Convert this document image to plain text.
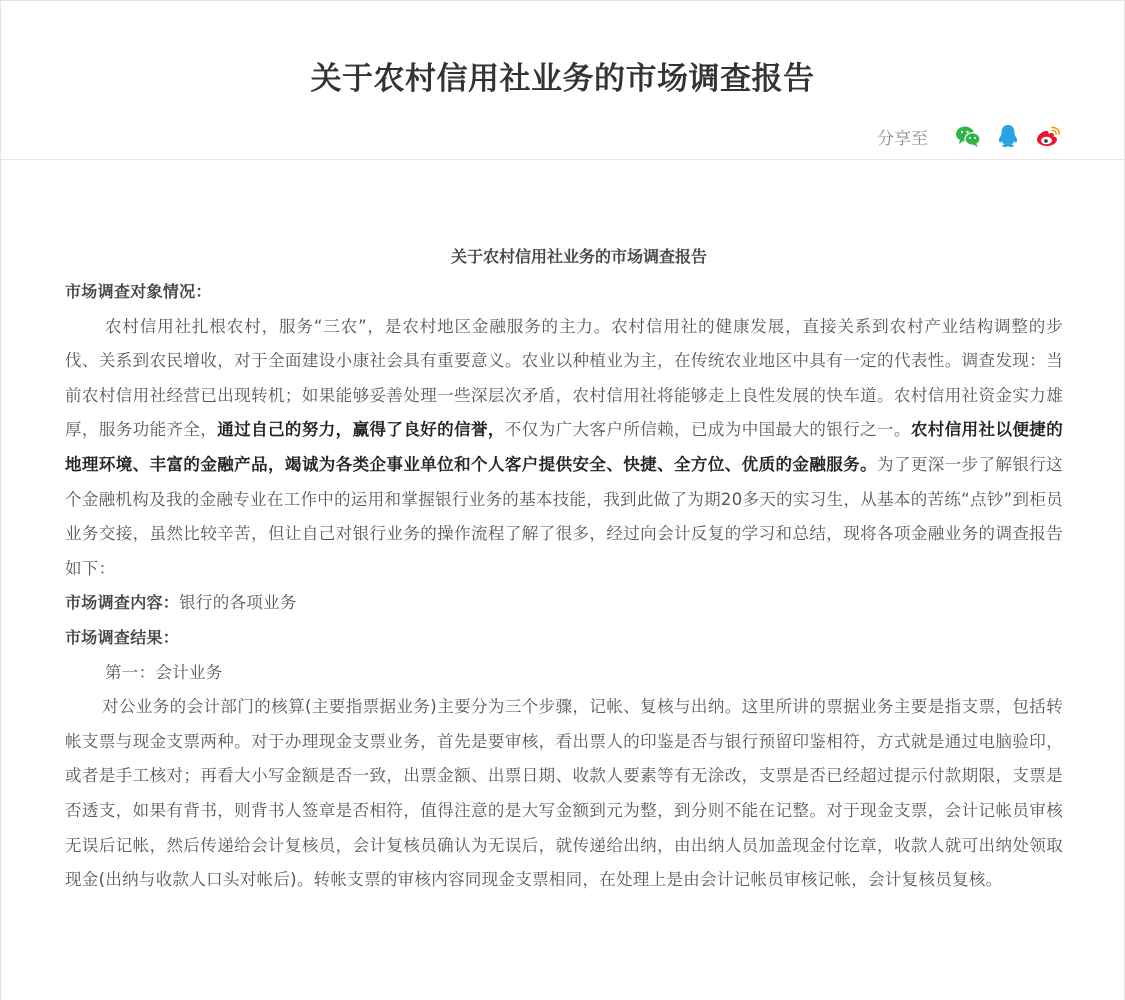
关于农村信用社业务的市场调查报告
分享至
关于农村信用社业务的市场调查报告
市场调查对象情况：

农村信用社扎根农村，服务“三农”，是农村地区金融服务的主力。农村信用社的健康发展，直接关系到农村产业结构调整的步伐、关系到农民增收，对于全面建设小康社会具有重要意义。农业以种植业为主，在传统农业地区中具有一定的代表性。调查发现：当前农村信用社经营已出现转机；如果能够妥善处理一些深层次矛盾，农村信用社将能够走上良性发展的快车道。农村信用社资金实力雄厚，服务功能齐全，通过自己的努力，赢得了良好的信誉，不仅为广大客户所信赖，已成为中国最大的银行之一。农村信用社以便捷的地理环境、丰富的金融产品，竭诚为各类企事业单位和个人客户提供安全、快捷、全方位、优质的金融服务。为了更深一步了解银行这个金融机构及我的金融专业在工作中的运用和掌握银行业务的基本技能，我到此做了为期20多天的实习生，从基本的苦练“点钞”到柜员业务交接，虽然比较辛苦，但让自己对银行业务的操作流程了解了很多，经过向会计反复的学习和总结，现将各项金融业务的调查报告如下：

市场调查内容：银行的各项业务

市场调查结果：

第一：会计业务

对公业务的会计部门的核算(主要指票据业务)主要分为三个步骤，记帐、复核与出纳。这里所讲的票据业务主要是指支票，包括转帐支票与现金支票两种。对于办理现金支票业务，首先是要审核，看出票人的印鉴是否与银行预留印鉴相符，方式就是通过电脑验印，或者是手工核对；再看大小写金额是否一致，出票金额、出票日期、收款人要素等有无涂改，支票是否已经超过提示付款期限，支票是否透支，如果有背书，则背书人签章是否相符，值得注意的是大写金额到元为整，到分则不能在记整。对于现金支票，会计记帐员审核无误后记帐，然后传递给会计复核员，会计复核员确认为无误后，就传递给出纳，由出纳人员加盖现金付讫章，收款人就可出纳处领取现金(出纳与收款人口头对帐后)。转帐支票的审核内容同现金支票相同，在处理上是由会计记帐员审核记帐，会计复核员复核。
